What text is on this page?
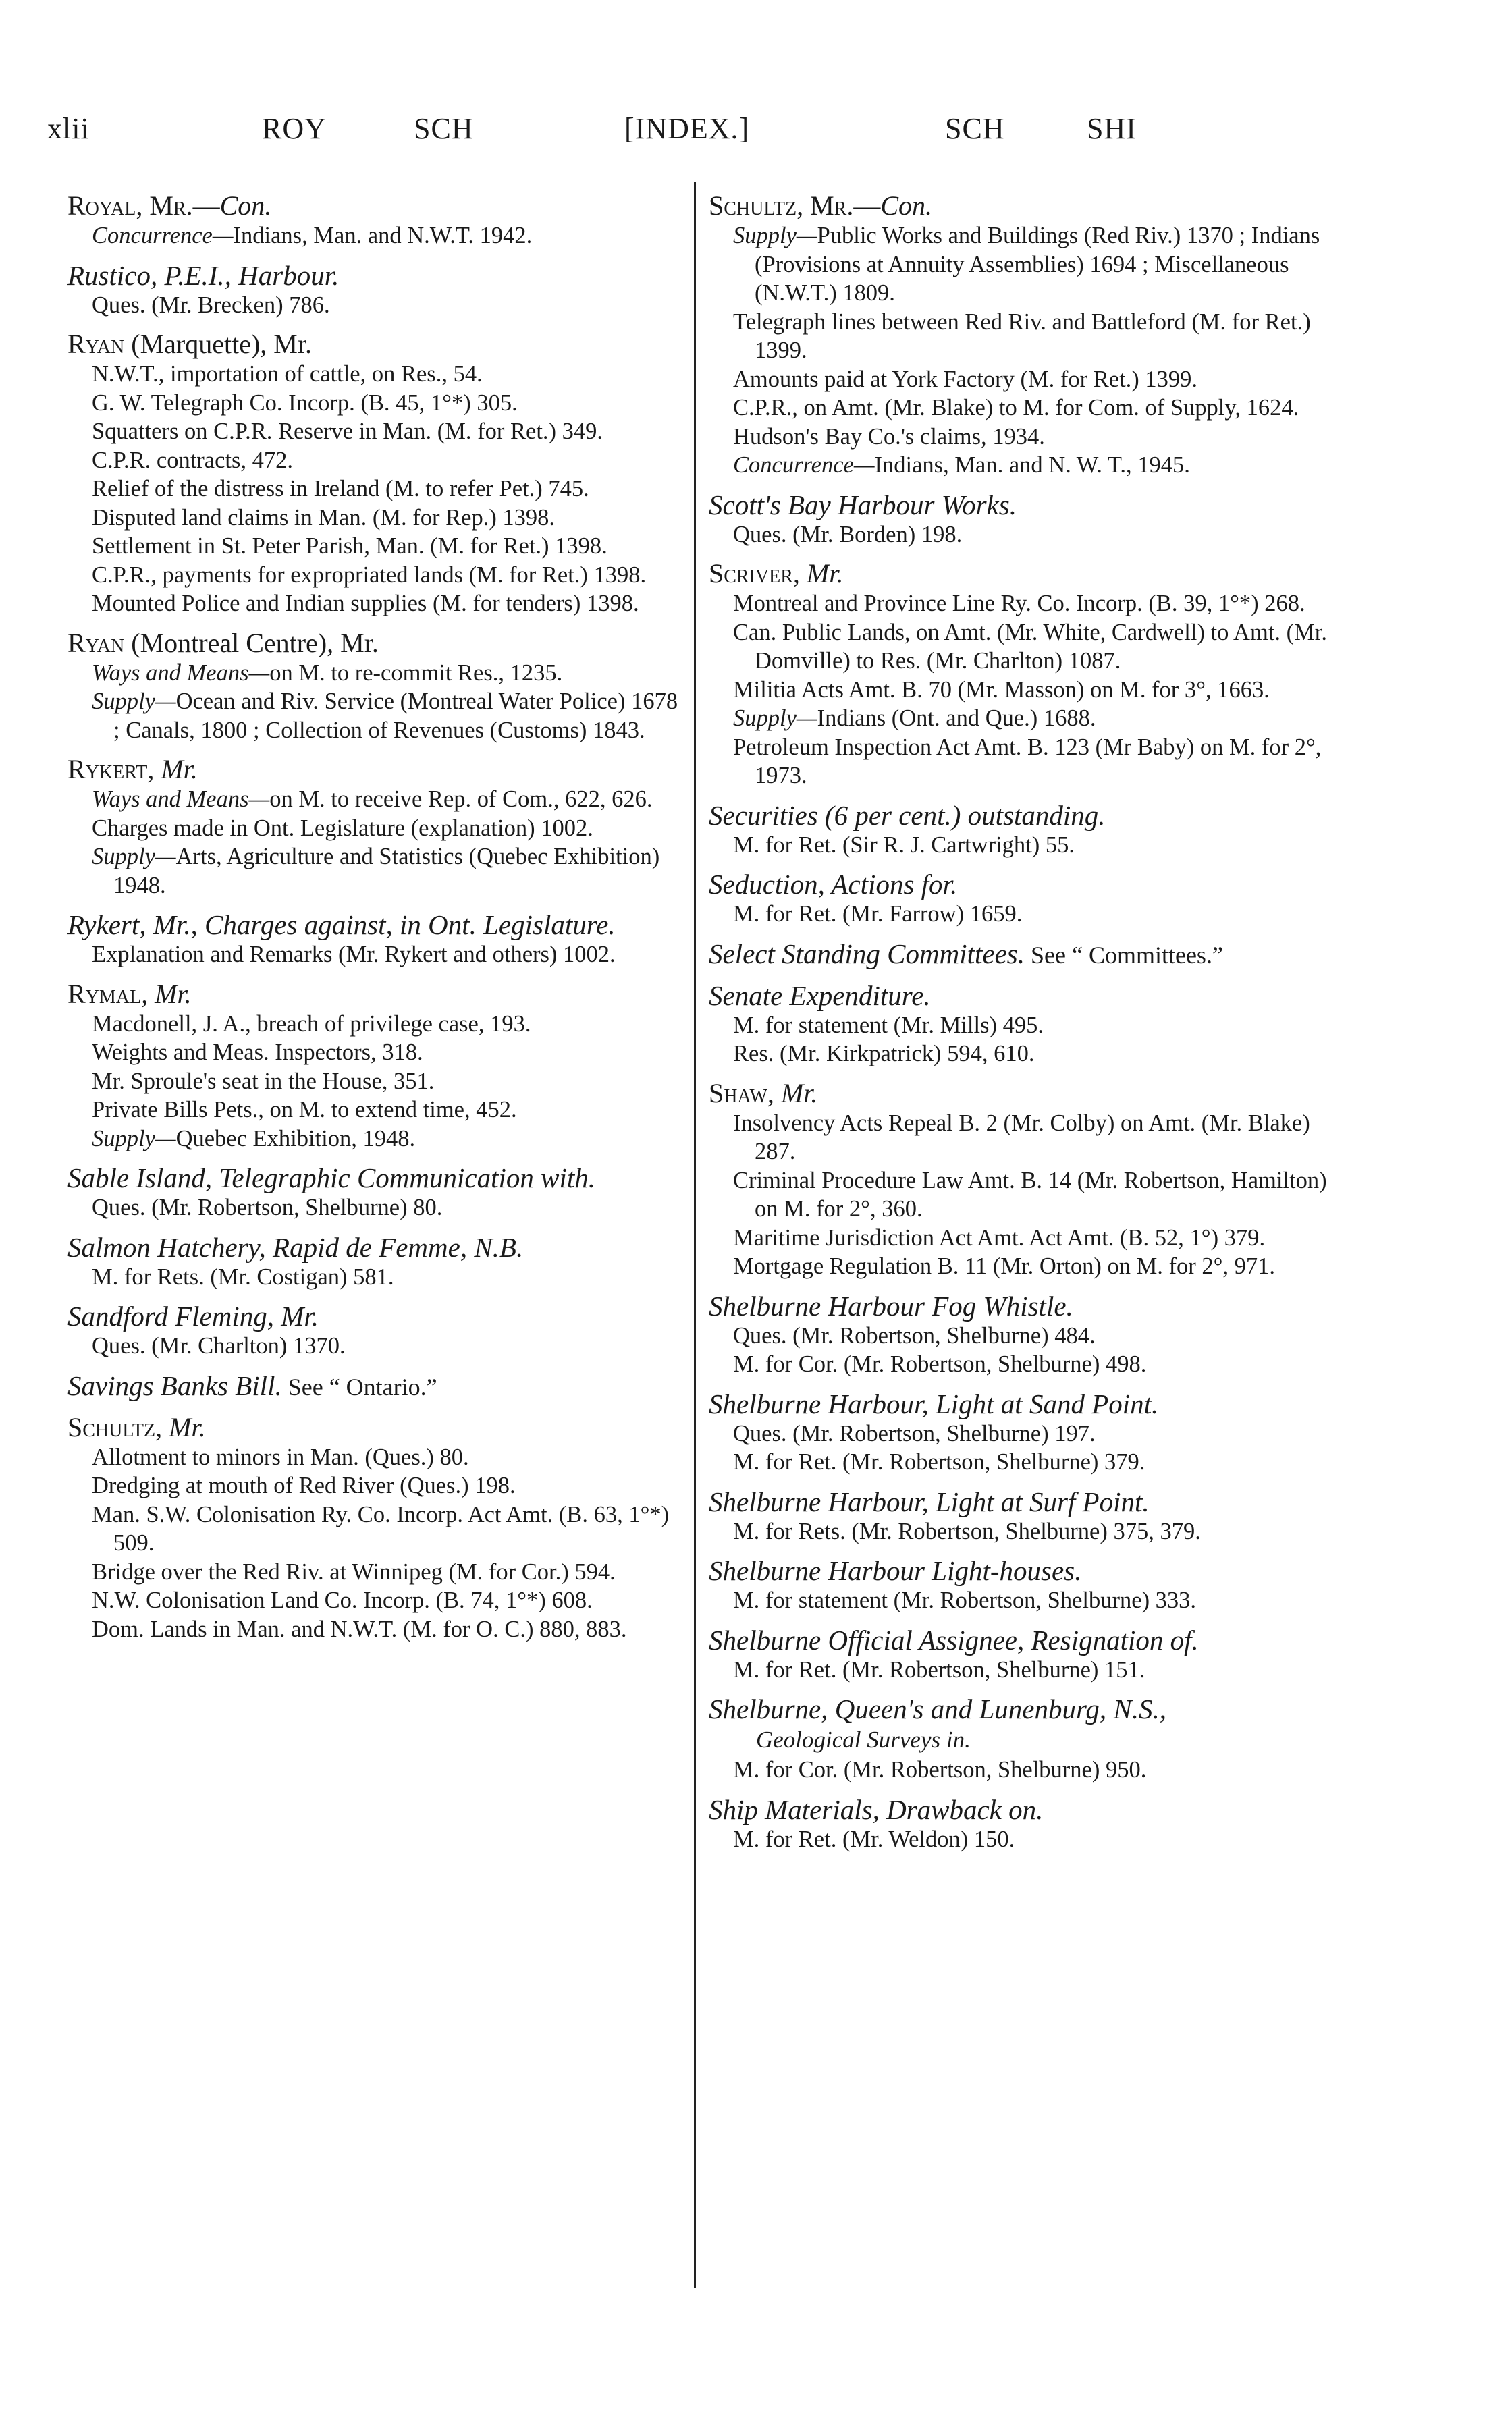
xlii	ROY	SCH	[INDEX.]	SCH	SHI
Royal, Mr.—Con.
Concurrence—Indians, Man. and N.W.T. 1942.
Rustico, P.E.I., Harbour.
Ques. (Mr. Brecken) 786.
Ryan (Marquette), Mr.
N.W.T., importation of cattle, on Res., 54.
G. W. Telegraph Co. Incorp. (B. 45, 1°*) 305.
Squatters on C.P.R. Reserve in Man. (M. for Ret.) 349.
C.P.R. contracts, 472.
Relief of the distress in Ireland (M. to refer Pet.) 745.
Disputed land claims in Man. (M. for Rep.) 1398.
Settlement in St. Peter Parish, Man. (M. for Ret.) 1398.
C.P.R., payments for expropriated lands (M. for Ret.) 1398.
Mounted Police and Indian supplies (M. for tenders) 1398.
Ryan (Montreal Centre), Mr.
Ways and Means—on M. to re-commit Res., 1235.
Supply—Ocean and Riv. Service (Montreal Water Police) 1678 ; Canals, 1800 ; Collection of Revenues (Customs) 1843.
Rykert, Mr.
Ways and Means—on M. to receive Rep. of Com., 622, 626.
Charges made in Ont. Legislature (explanation) 1002.
Supply—Arts, Agriculture and Statistics (Quebec Exhibition) 1948.
Rykert, Mr., Charges against, in Ont. Legislature.
Explanation and Remarks (Mr. Rykert and others) 1002.
Rymal, Mr.
Macdonell, J. A., breach of privilege case, 193.
Weights and Meas. Inspectors, 318.
Mr. Sproule's seat in the House, 351.
Private Bills Pets., on M. to extend time, 452.
Supply—Quebec Exhibition, 1948.
Sable Island, Telegraphic Communication with.
Ques. (Mr. Robertson, Shelburne) 80.
Salmon Hatchery, Rapid de Femme, N.B.
M. for Rets. (Mr. Costigan) 581.
Sandford Fleming, Mr.
Ques. (Mr. Charlton) 1370.
Savings Banks Bill. See “ Ontario.”
Schultz, Mr.
Allotment to minors in Man. (Ques.) 80.
Dredging at mouth of Red River (Ques.) 198.
Man. S.W. Colonisation Ry. Co. Incorp. Act Amt. (B. 63, 1°*) 509.
Bridge over the Red Riv. at Winnipeg (M. for Cor.) 594.
N.W. Colonisation Land Co. Incorp. (B. 74, 1°*) 608.
Dom. Lands in Man. and N.W.T. (M. for O. C.) 880, 883.
Schultz, Mr.—Con.
Supply—Public Works and Buildings (Red Riv.) 1370 ; Indians (Provisions at Annuity Assemblies) 1694 ; Miscellaneous (N.W.T.) 1809.
Telegraph lines between Red Riv. and Battleford (M. for Ret.) 1399.
Amounts paid at York Factory (M. for Ret.) 1399.
C.P.R., on Amt. (Mr. Blake) to M. for Com. of Supply, 1624.
Hudson's Bay Co.'s claims, 1934.
Concurrence—Indians, Man. and N. W. T., 1945.
Scott's Bay Harbour Works.
Ques. (Mr. Borden) 198.
Scriver, Mr.
Montreal and Province Line Ry. Co. Incorp. (B. 39, 1°*) 268.
Can. Public Lands, on Amt. (Mr. White, Cardwell) to Amt. (Mr. Domville) to Res. (Mr. Charlton) 1087.
Militia Acts Amt. B. 70 (Mr. Masson) on M. for 3°, 1663.
Supply—Indians (Ont. and Que.) 1688.
Petroleum Inspection Act Amt. B. 123 (Mr Baby) on M. for 2°, 1973.
Securities (6 per cent.) outstanding.
M. for Ret. (Sir R. J. Cartwright) 55.
Seduction, Actions for.
M. for Ret. (Mr. Farrow) 1659.
Select Standing Committees. See “ Committees.”
Senate Expenditure.
M. for statement (Mr. Mills) 495.
Res. (Mr. Kirkpatrick) 594, 610.
Shaw, Mr.
Insolvency Acts Repeal B. 2 (Mr. Colby) on Amt. (Mr. Blake) 287.
Criminal Procedure Law Amt. B. 14 (Mr. Robertson, Hamilton) on M. for 2°, 360.
Maritime Jurisdiction Act Amt. Act Amt. (B. 52, 1°) 379.
Mortgage Regulation B. 11 (Mr. Orton) on M. for 2°, 971.
Shelburne Harbour Fog Whistle.
Ques. (Mr. Robertson, Shelburne) 484.
M. for Cor. (Mr. Robertson, Shelburne) 498.
Shelburne Harbour, Light at Sand Point.
Ques. (Mr. Robertson, Shelburne) 197.
M. for Ret. (Mr. Robertson, Shelburne) 379.
Shelburne Harbour, Light at Surf Point.
M. for Rets. (Mr. Robertson, Shelburne) 375, 379.
Shelburne Harbour Light-houses.
M. for statement (Mr. Robertson, Shelburne) 333.
Shelburne Official Assignee, Resignation of.
M. for Ret. (Mr. Robertson, Shelburne) 151.
Shelburne, Queen's and Lunenburg, N.S.,
Geological Surveys in.
M. for Cor. (Mr. Robertson, Shelburne) 950.
Ship Materials, Drawback on.
M. for Ret. (Mr. Weldon) 150.
